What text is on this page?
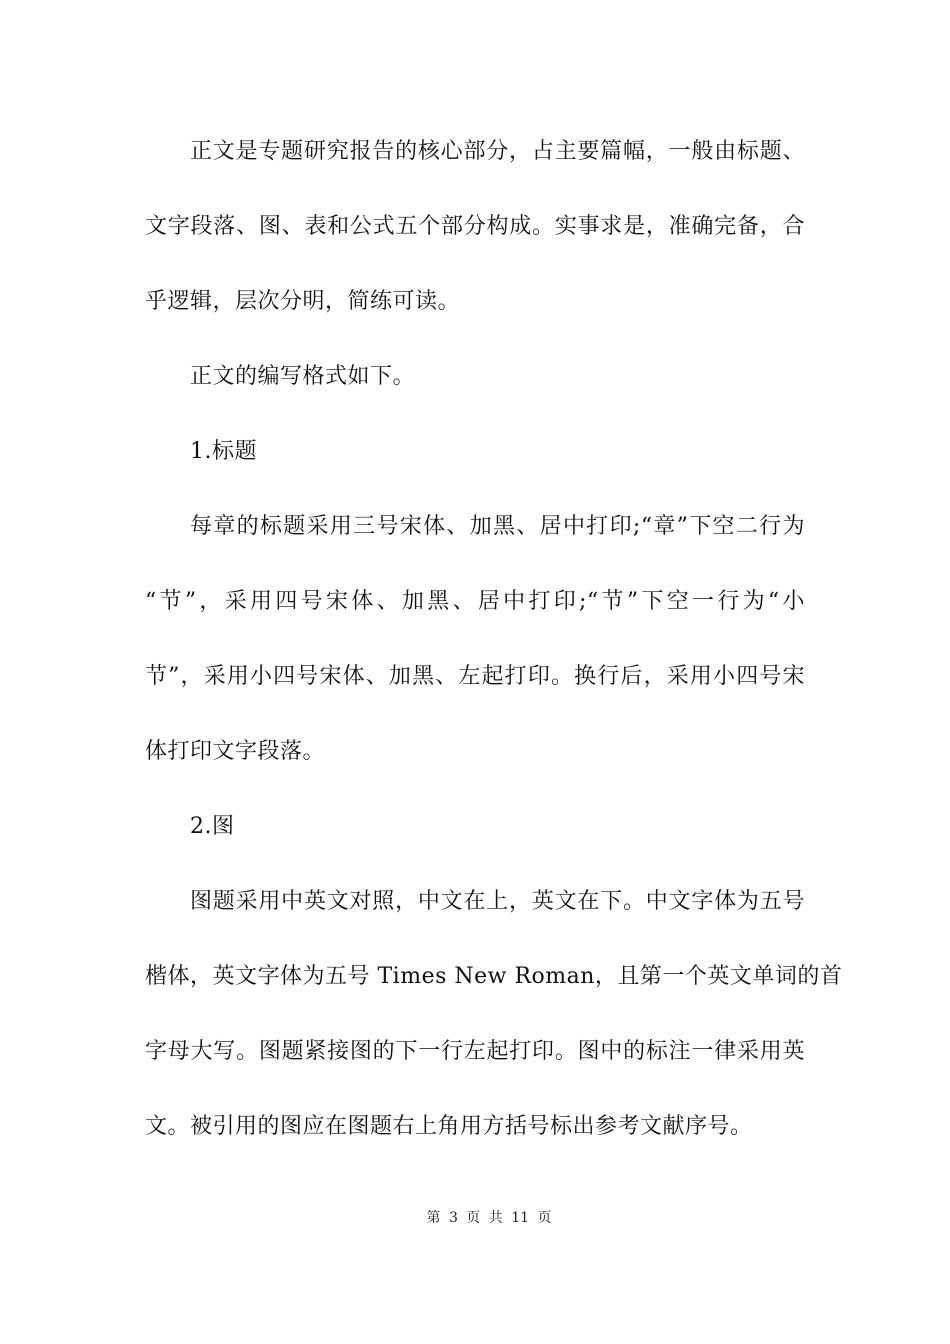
正文是专题研究报告的核心部分，占主要篇幅，一般由标题、
文字段落、图、表和公式五个部分构成。实事求是，准确完备，合
乎逻辑，层次分明，简练可读。
正文的编写格式如下。
1.标题
每章的标题采用三号宋体、加黑、居中打印;“章”下空二行为
“节”，采用四号宋体、加黑、居中打印;“节”下空一行为“小
节”，采用小四号宋体、加黑、左起打印。换行后，采用小四号宋
体打印文字段落。
2.图
图题采用中英文对照，中文在上，英文在下。中文字体为五号
楷体，英文字体为五号 Times New Roman，且第一个英文单词的首
字母大写。图题紧接图的下一行左起打印。图中的标注一律采用英
文。被引用的图应在图题右上角用方括号标出参考文献序号。
第 3 页 共 11 页
